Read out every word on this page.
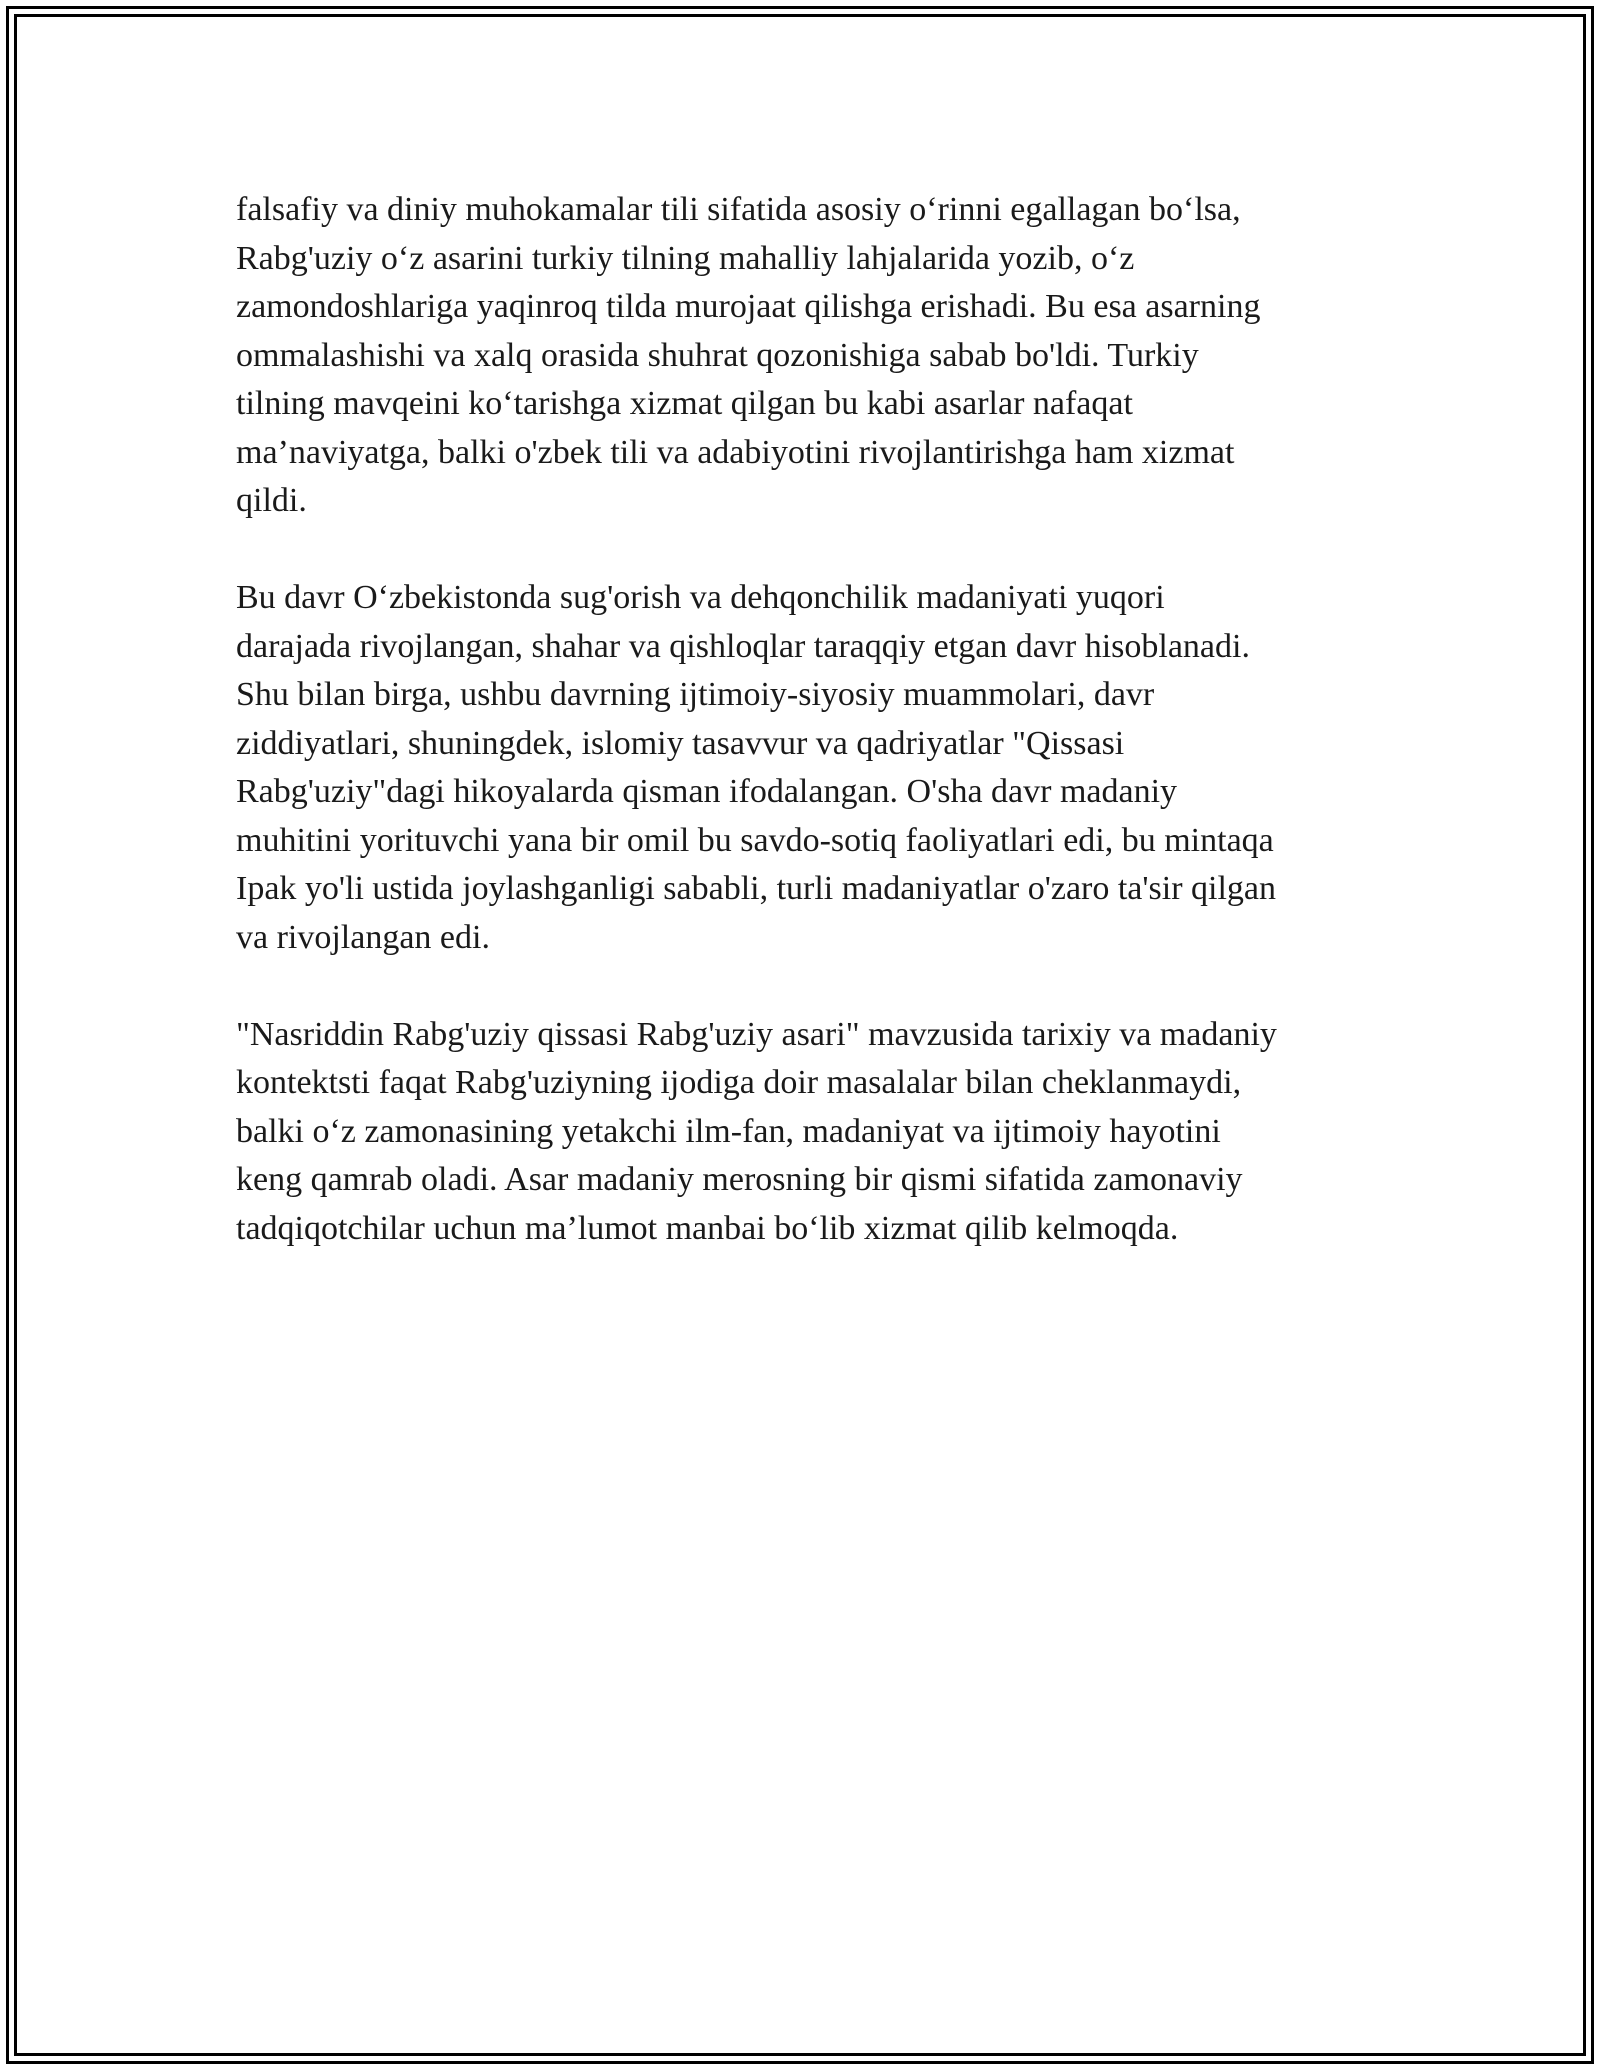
falsafiy va diniy muhokamalar tili sifatida asosiy o‘rinni egallagan bo‘lsa,
Rabg'uziy o‘z asarini turkiy tilning mahalliy lahjalarida yozib, o‘z
zamondoshlariga yaqinroq tilda murojaat qilishga erishadi. Bu esa asarning
ommalashishi va xalq orasida shuhrat qozonishiga sabab bo'ldi. Turkiy
tilning mavqeini ko‘tarishga xizmat qilgan bu kabi asarlar nafaqat
ma’naviyatga, balki o'zbek tili va adabiyotini rivojlantirishga ham xizmat
qildi.

Bu davr O‘zbekistonda sug'orish va dehqonchilik madaniyati yuqori
darajada rivojlangan, shahar va qishloqlar taraqqiy etgan davr hisoblanadi.
Shu bilan birga, ushbu davrning ijtimoiy-siyosiy muammolari, davr
ziddiyatlari, shuningdek, islomiy tasavvur va qadriyatlar "Qissasi
Rabg'uziy"dagi hikoyalarda qisman ifodalangan. O'sha davr madaniy
muhitini yorituvchi yana bir omil bu savdo-sotiq faoliyatlari edi, bu mintaqa
Ipak yo'li ustida joylashganligi sababli, turli madaniyatlar o'zaro ta'sir qilgan
va rivojlangan edi.

"Nasriddin Rabg'uziy qissasi Rabg'uziy asari" mavzusida tarixiy va madaniy
kontektsti faqat Rabg'uziyning ijodiga doir masalalar bilan cheklanmaydi,
balki o‘z zamonasining yetakchi ilm-fan, madaniyat va ijtimoiy hayotini
keng qamrab oladi. Asar madaniy merosning bir qismi sifatida zamonaviy
tadqiqotchilar uchun ma’lumot manbai bo‘lib xizmat qilib kelmoqda.
